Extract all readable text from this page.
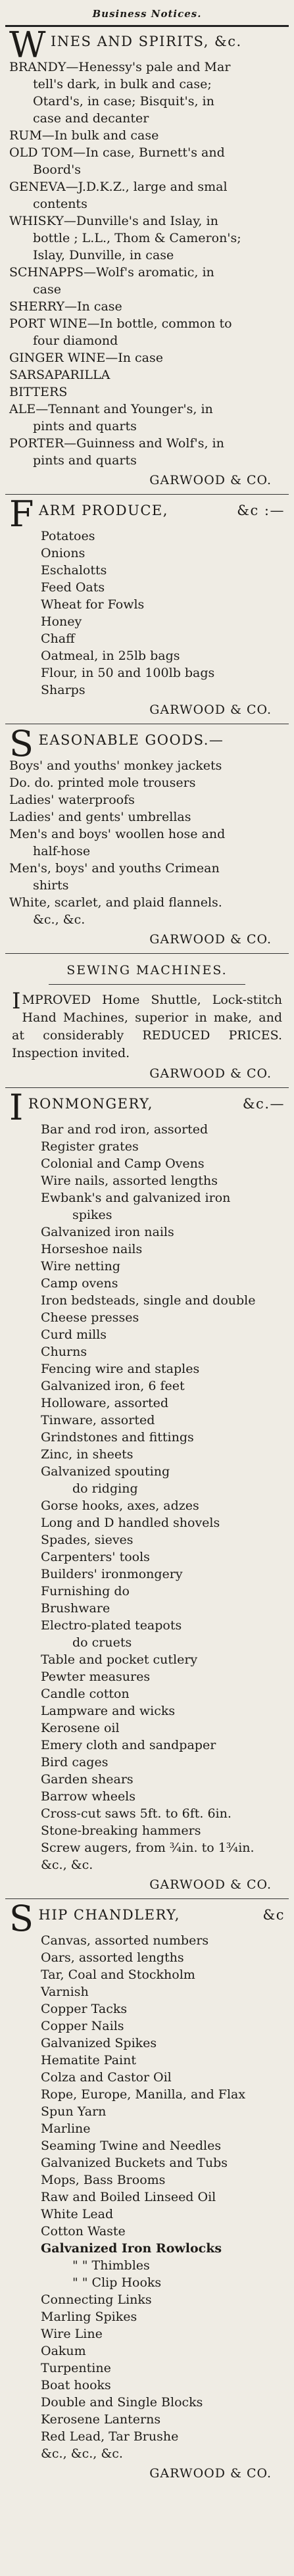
Business Notices.
W INES AND SPIRITS, &c.
BRANDY—Henessy's pale and Mar
tell's dark, in bulk and case;
Otard's, in case; Bisquit's, in
case and decanter
RUM—In bulk and case
OLD TOM—In case, Burnett's and
Boord's
GENEVA—J.D.K.Z., large and smal
contents
WHISKY—Dunville's and Islay, in
bottle ; L.L., Thom & Cameron's;
Islay, Dunville, in case
SCHNAPPS—Wolf's aromatic, in
case
SHERRY—In case
PORT WINE—In bottle, common to
four diamond
GINGER WINE—In case
SARSAPARILLA
BITTERS
ALE—Tennant and Younger's, in
pints and quarts
PORTER—Guinness and Wolf's, in
pints and quarts
GARWOOD & CO.
F ARM PRODUCE,	&c :—
Potatoes
Onions
Eschalotts
Feed Oats
Wheat for Fowls
Honey
Chaff
Oatmeal, in 25lb bags
Flour, in 50 and 100lb bags
Sharps
GARWOOD & CO.
S EASONABLE GOODS.—
Boys' and youths' monkey jackets
Do. do. printed mole trousers
Ladies' waterproofs
Ladies' and gents' umbrellas
Men's and boys' woollen hose and
half-hose
Men's, boys' and youths Crimean
shirts
White, scarlet, and plaid flannels.
&c., &c.
GARWOOD & CO.
SEWING MACHINES.
I MPROVED Home Shuttle, Lock-stitch Hand Machines, superior in make, and at considerably REDUCED PRICES. Inspection invited.
GARWOOD & CO.
I RONMONGERY,	&c.—
Bar and rod iron, assorted
Register grates
Colonial and Camp Ovens
Wire nails, assorted lengths
Ewbank's and galvanized iron
spikes
Galvanized iron nails
Horseshoe nails
Wire netting
Camp ovens
Iron bedsteads, single and double
Cheese presses
Curd mills
Churns
Fencing wire and staples
Galvanized iron, 6 feet
Holloware, assorted
Tinware, assorted
Grindstones and fittings
Zinc, in sheets
Galvanized spouting
do ridging
Gorse hooks, axes, adzes
Long and D handled shovels
Spades, sieves
Carpenters' tools
Builders' ironmongery
Furnishing do
Brushware
Electro-plated teapots
do cruets
Table and pocket cutlery
Pewter measures
Candle cotton
Lampware and wicks
Kerosene oil
Emery cloth and sandpaper
Bird cages
Garden shears
Barrow wheels
Cross-cut saws 5ft. to 6ft. 6in.
Stone-breaking hammers
Screw augers, from ¾in. to 1¾in.
&c., &c.
GARWOOD & CO.
S HIP CHANDLERY,	&c
Canvas, assorted numbers
Oars, assorted lengths
Tar, Coal and Stockholm
Varnish
Copper Tacks
Copper Nails
Galvanized Spikes
Hematite Paint
Colza and Castor Oil
Rope, Europe, Manilla, and Flax
Spun Yarn
Marline
Seaming Twine and Needles
Galvanized Buckets and Tubs
Mops, Bass Brooms
Raw and Boiled Linseed Oil
White Lead
Cotton Waste
Galvanized Iron Rowlocks
" " Thimbles
" " Clip Hooks
Connecting Links
Marling Spikes
Wire Line
Oakum
Turpentine
Boat hooks
Double and Single Blocks
Kerosene Lanterns
Red Lead, Tar Brushe
&c., &c., &c.
GARWOOD & CO.
